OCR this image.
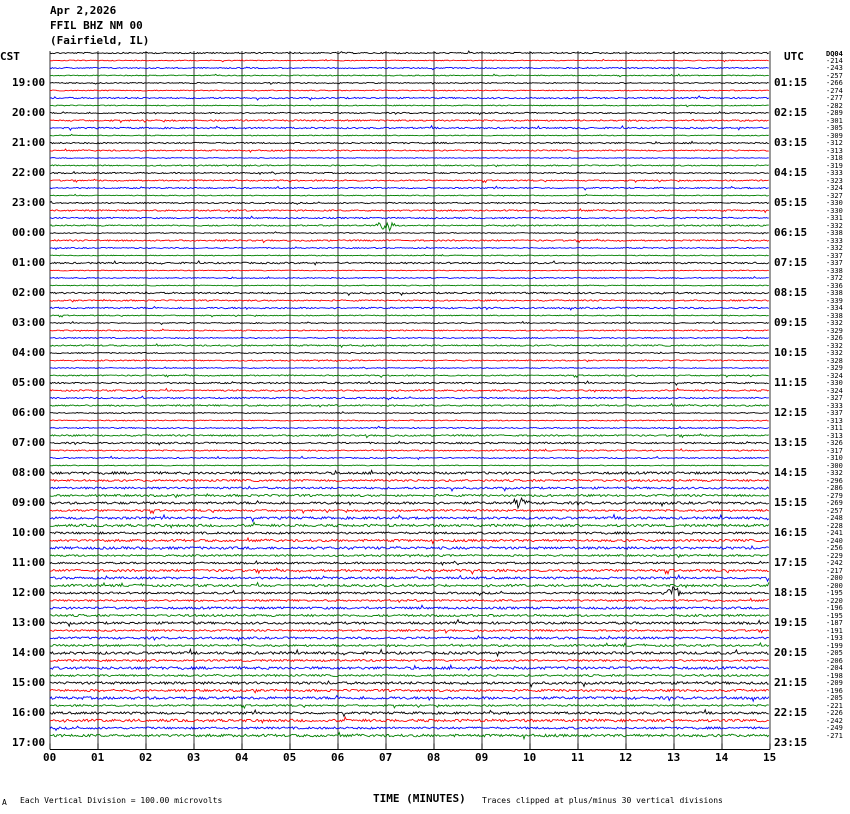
Apr 2,2026
FFIL BHZ NM 00
(Fairfield, IL)
CST	UTC	DQ04
19:00
20:00
21:00
22:00
23:00
00:00
01:00
02:00
03:00
04:00
05:00
06:00
07:00
08:00
09:00
10:00
11:00
12:00
13:00
14:00
15:00
16:00
17:00
01:15
02:15
03:15
04:15
05:15
06:15
07:15
08:15
09:15
10:15
11:15
12:15
13:15
14:15
15:15
16:15
17:15
18:15
19:15
20:15
21:15
22:15
23:15
-214
-243
-257
-266
-274
-277
-282
-289
-301
-305
-309
-312
-313
-318
-319
-333
-323
-324
-327
-330
-330
-331
-332
-338
-333
-332
-337
-337
-338
-372
-336
-338
-339
-334
-338
-332
-329
-326
-332
-332
-328
-329
-324
-330
-324
-327
-333
-337
-313
-311
-313
-326
-317
-310
-300
-332
-296
-286
-279
-269
-257
-248
-228
-241
-240
-256
-229
-242
-217
-200
-200
-195
-220
-196
-195
-187
-191
-193
-199
-205
-206
-204
-198
-209
-196
-205
-221
-226
-242
-249
-271
00	01	02	03	04	05	06	07	08	09	10	11	12	13	14	15
TIME (MINUTES)
A Each Vertical Division = 100.00 microvolts	Traces clipped at plus/minus 30 vertical divisions
